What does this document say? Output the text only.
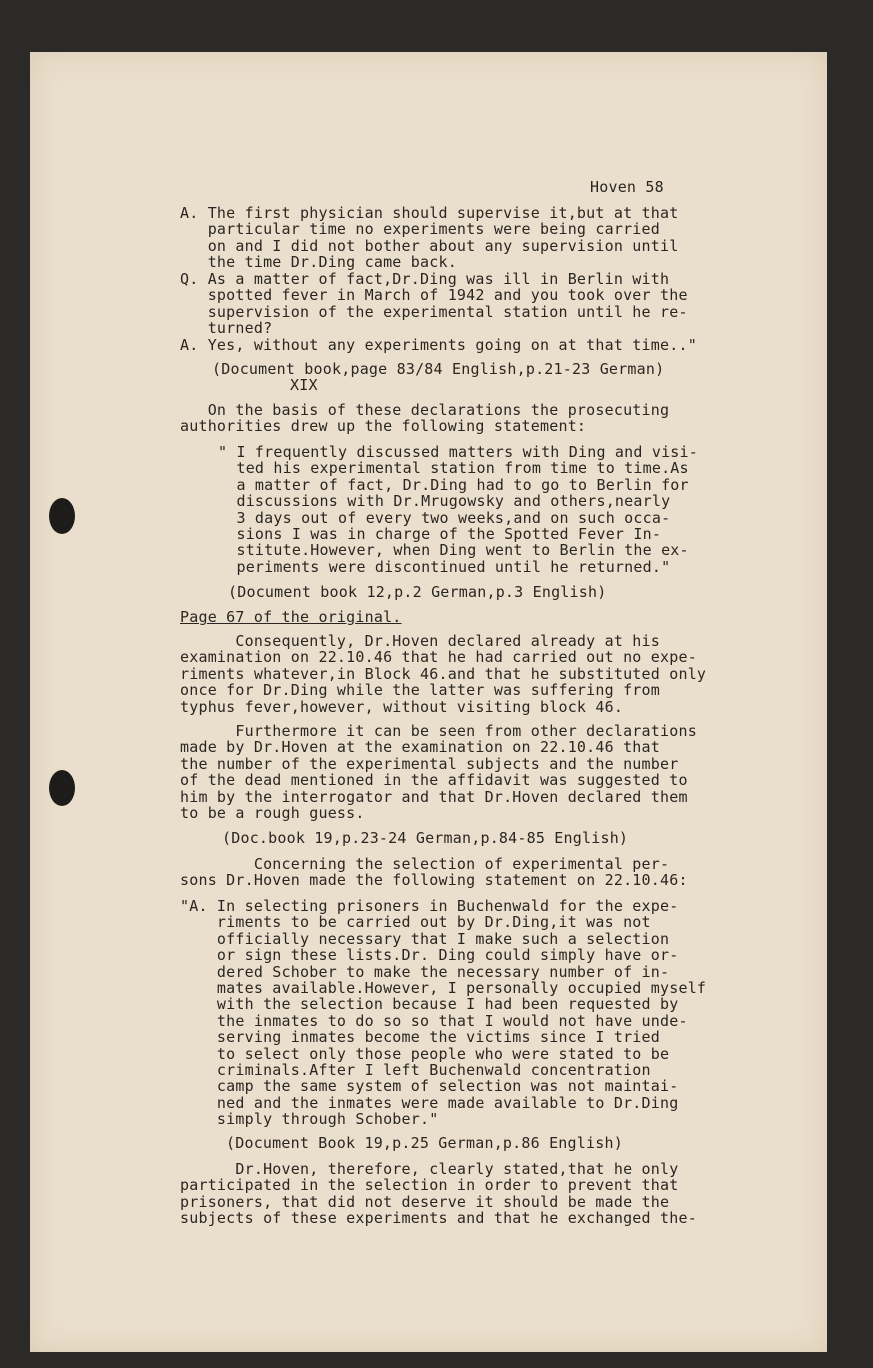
Hoven 58
A. The first physician should supervise it,but at that
particular time no experiments were being carried
on and I did not bother about any supervision until
the time Dr.Ding came back.
Q. As a matter of fact,Dr.Ding was ill in Berlin with
spotted fever in March of 1942 and you took over the
supervision of the experimental station until he re-
turned?
A. Yes, without any experiments going on at that time.."
(Document book,page 83/84 English,p.21-23 German)
XIX
On the basis of these declarations the prosecuting
authorities drew up the following statement:
" I frequently discussed matters with Ding and visi-
ted his experimental station from time to time.As
a matter of fact, Dr.Ding had to go to Berlin for
discussions with Dr.Mrugowsky and others,nearly
3 days out of every two weeks,and on such occa-
sions I was in charge of the Spotted Fever In-
stitute.However, when Ding went to Berlin the ex-
periments were discontinued until he returned."
(Document book 12,p.2 German,p.3 English)
Page 67 of the original.
Consequently, Dr.Hoven declared already at his
examination on 22.10.46 that he had carried out no expe-
riments whatever,in Block 46.and that he substituted only
once for Dr.Ding while the latter was suffering from
typhus fever,however, without visiting block 46.
Furthermore it can be seen from other declarations
made by Dr.Hoven at the examination on 22.10.46 that
the number of the experimental subjects and the number
of the dead mentioned in the affidavit was suggested to
him by the interrogator and that Dr.Hoven declared them
to be a rough guess.
(Doc.book 19,p.23-24 German,p.84-85 English)
Concerning the selection of experimental per-
sons Dr.Hoven made the following statement on 22.10.46:
"A. In selecting prisoners in Buchenwald for the expe-
riments to be carried out by Dr.Ding,it was not
officially necessary that I make such a selection
or sign these lists.Dr. Ding could simply have or-
dered Schober to make the necessary number of in-
mates available.However, I personally occupied myself
with the selection because I had been requested by
the inmates to do so so that I would not have unde-
serving inmates become the victims since I tried
to select only those people who were stated to be
criminals.After I left Buchenwald concentration
camp the same system of selection was not maintai-
ned and the inmates were made available to Dr.Ding
simply through Schober."
(Document Book 19,p.25 German,p.86 English)
Dr.Hoven, therefore, clearly stated,that he only
participated in the selection in order to prevent that
prisoners, that did not deserve it should be made the
subjects of these experiments and that he exchanged the-
